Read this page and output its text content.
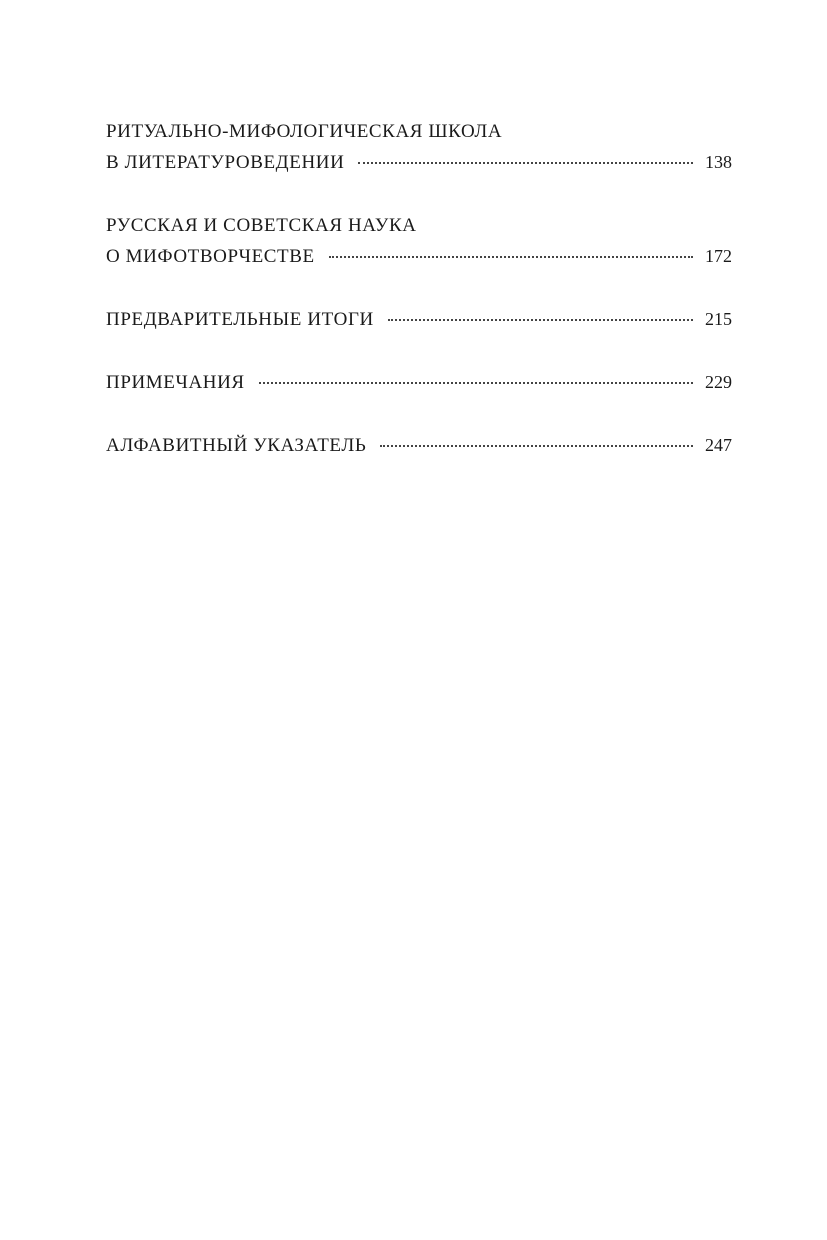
РИТУАЛЬНО-МИФОЛОГИЧЕСКАЯ ШКОЛА
В ЛИТЕРАТУРОВЕДЕНИИ	138
РУССКАЯ И СОВЕТСКАЯ НАУКА
О МИФОТВОРЧЕСТВЕ	172
ПРЕДВАРИТЕЛЬНЫЕ ИТОГИ	215
ПРИМЕЧАНИЯ	229
АЛФАВИТНЫЙ УКАЗАТЕЛЬ	247
